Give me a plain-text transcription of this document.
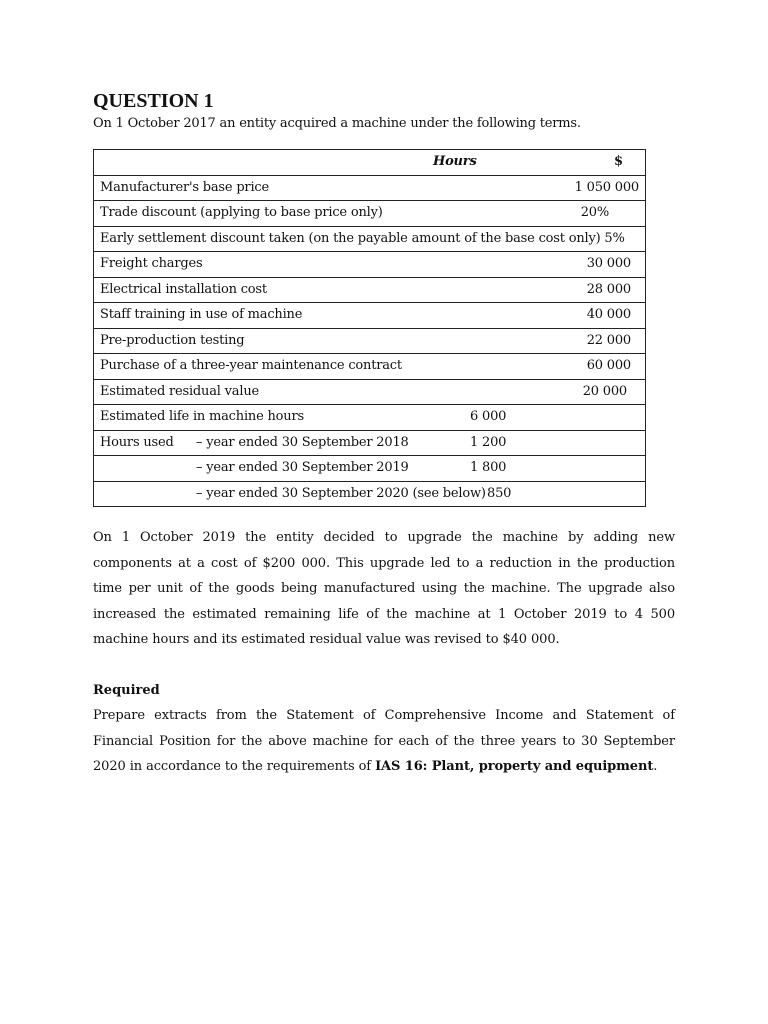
QUESTION 1

On 1 October 2017 an entity acquired a machine under the following terms.

Hours	$

Manufacturer's base price	1 050 000

Trade discount (applying to base price only)	20%

Early settlement discount taken (on the payable amount of the base cost only) 5%

Freight charges	30 000

Electrical installation cost	28 000

Staff training in use of machine	40 000

Pre-production testing	22 000

Purchase of a three-year maintenance contract	60 000

Estimated residual value	20 000

Estimated life in machine hours	6 000

Hours used – year ended 30 September 2018	1 200

– year ended 30 September 2019	1 800

– year ended 30 September 2020 (see below) 850

On 1 October 2019 the entity decided to upgrade the machine by adding new components at a cost of $200 000. This upgrade led to a reduction in the production time per unit of the goods being manufactured using the machine. The upgrade also increased the estimated remaining life of the machine at 1 October 2019 to 4 500 machine hours and its estimated residual value was revised to $40 000.

Required

Prepare extracts from the Statement of Comprehensive Income and Statement of Financial Position for the above machine for each of the three years to 30 September 2020 in accordance to the requirements of IAS 16: Plant, property and equipment.
